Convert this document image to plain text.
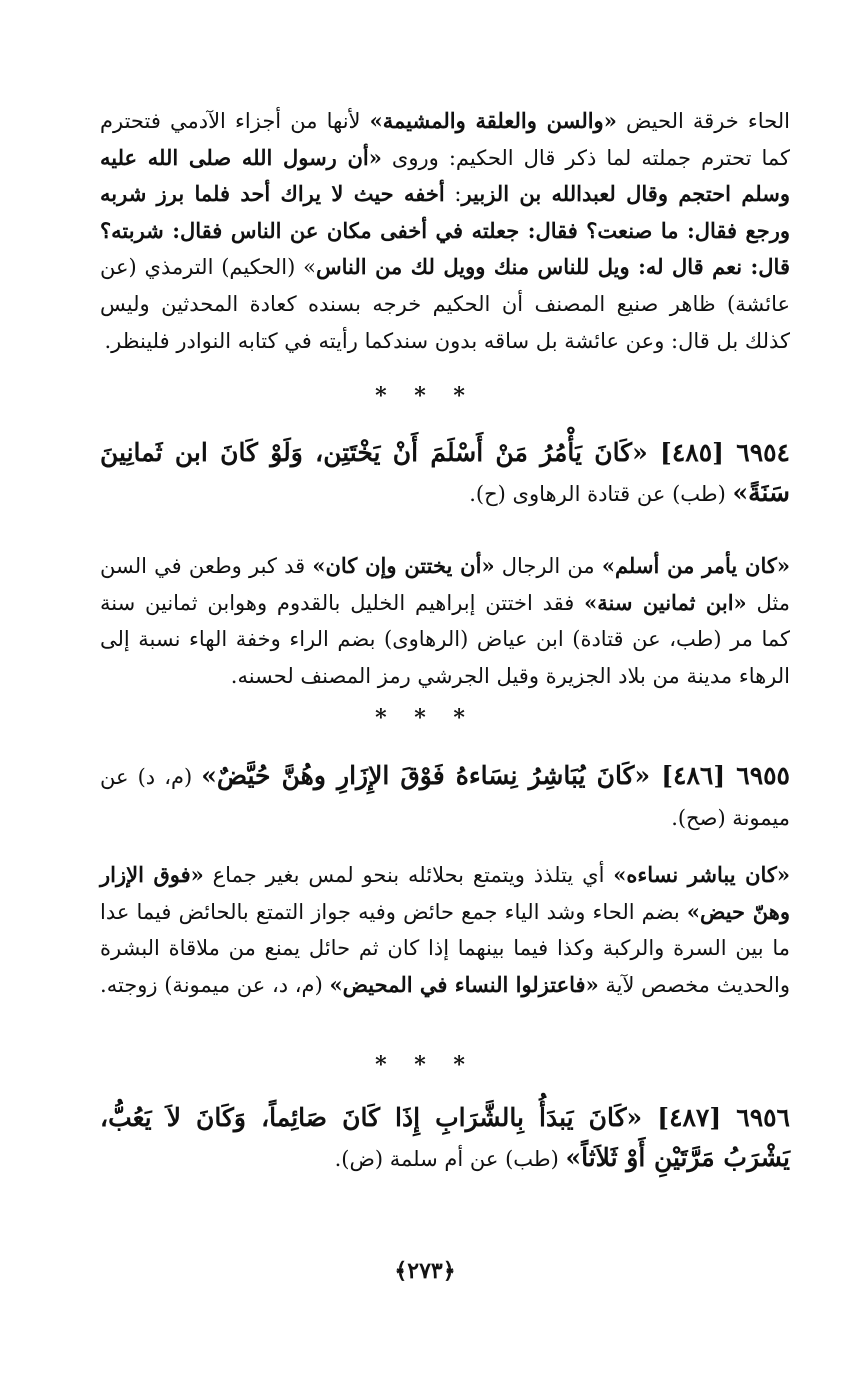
الحاء خرقة الحيض «والسن والعلقة والمشيمة» لأنها من أجزاء الآدمي فتحترم كما تحترم جملته لما ذكر قال الحكيم: وروى «أن رسول الله صلى الله عليه وسلم احتجم وقال لعبدالله بن الزبير: أخفه حيث لا يراك أحد فلما برز شربه ورجع فقال: ما صنعت؟ فقال: جعلته في أخفى مكان عن الناس فقال: شربته؟ قال: نعم قال له: ويل للناس منك وويل لك من الناس» (الحكيم) الترمذي (عن عائشة) ظاهر صنيع المصنف أن الحكيم خرجه بسنده كعادة المحدثين وليس كذلك بل قال: وعن عائشة بل ساقه بدون سندكما رأيته في كتابه النوادر فلينظر.
* * *
٦٩٥٤ [٤٨٥] «كَانَ يَأْمُرُ مَنْ أَسْلَمَ أَنْ يَخْتَتِن، وَلَوْ كَانَ ابن ثَمانِينَ سَنَةً» (طب) عن قتادة الرهاوى (ح).
«كان يأمر من أسلم» من الرجال «أن يختتن وإن كان» قد كبر وطعن في السن مثل «ابن ثمانين سنة» فقد اختتن إبراهيم الخليل بالقدوم وهوابن ثمانين سنة كما مر (طب، عن قتادة) ابن عياض (الرهاوى) بضم الراء وخفة الهاء نسبة إلى الرهاء مدينة من بلاد الجزيرة وقيل الجرشي رمز المصنف لحسنه.
* * *
٦٩٥٥ [٤٨٦] «كَانَ يُبَاشِرُ نِسَاءهُ فَوْقَ الإِزَارِ وهُنَّ حُيَّضٌ» (م، د) عن ميمونة (صح).
«كان يباشر نساءه» أي يتلذذ ويتمتع بحلائله بنحو لمس بغير جماع «فوق الإزار وهنّ حيض» بضم الحاء وشد الياء جمع حائض وفيه جواز التمتع بالحائض فيما عدا ما بين السرة والركبة وكذا فيما بينهما إذا كان ثم حائل يمنع من ملاقاة البشرة والحديث مخصص لآية «فاعتزلوا النساء في المحيض» (م، د، عن ميمونة) زوجته.
* * *
٦٩٥٦ [٤٨٧] «كَانَ يَبدَأُ بِالشَّرَابِ إِذَا كَانَ صَائِماً، وَكَانَ لاَ يَعُبُّ، يَشْرَبُ مَرَّتَيْنِ أَوْ ثَلاَثاً» (طب) عن أم سلمة (ض).
﴿٢٧٣﴾
